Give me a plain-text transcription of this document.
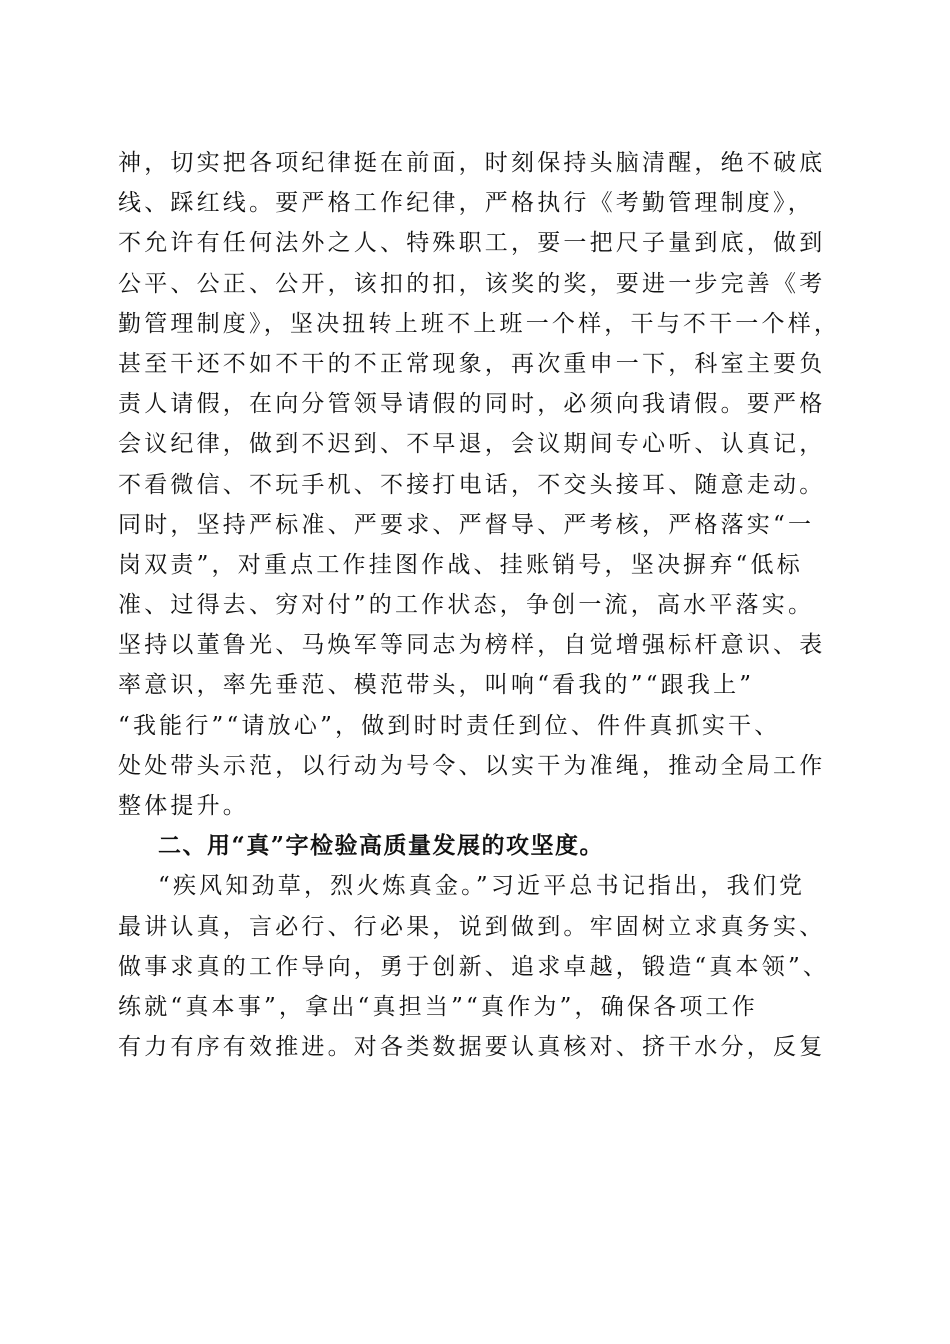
神，切实把各项纪律挺在前面，时刻保持头脑清醒，绝不破底
线、踩红线。要严格工作纪律，严格执行《考勤管理制度》，
不允许有任何法外之人、特殊职工，要一把尺子量到底，做到
公平、公正、公开，该扣的扣，该奖的奖，要进一步完善《考
勤管理制度》，坚决扭转上班不上班一个样，干与不干一个样，
甚至干还不如不干的不正常现象，再次重申一下，科室主要负
责人请假，在向分管领导请假的同时，必须向我请假。要严格
会议纪律，做到不迟到、不早退，会议期间专心听、认真记，
不看微信、不玩手机、不接打电话，不交头接耳、随意走动。
同时，坚持严标准、严要求、严督导、严考核，严格落实“一
岗双责”，对重点工作挂图作战、挂账销号，坚决摒弃“低标
准、过得去、穷对付”的工作状态，争创一流，高水平落实。
坚持以董鲁光、马焕军等同志为榜样，自觉增强标杆意识、表
率意识，率先垂范、模范带头，叫响“看我的”“跟我上”
“我能行”“请放心”，做到时时责任到位、件件真抓实干、
处处带头示范，以行动为号令、以实干为准绳，推动全局工作
整体提升。
二、用“真”字检验高质量发展的攻坚度。
“疾风知劲草，烈火炼真金。”习近平总书记指出，我们党
最讲认真，言必行、行必果，说到做到。牢固树立求真务实、
做事求真的工作导向，勇于创新、追求卓越，锻造“真本领”、
练就“真本事”，拿出“真担当”“真作为”，确保各项工作
有力有序有效推进。对各类数据要认真核对、挤干水分，反复
